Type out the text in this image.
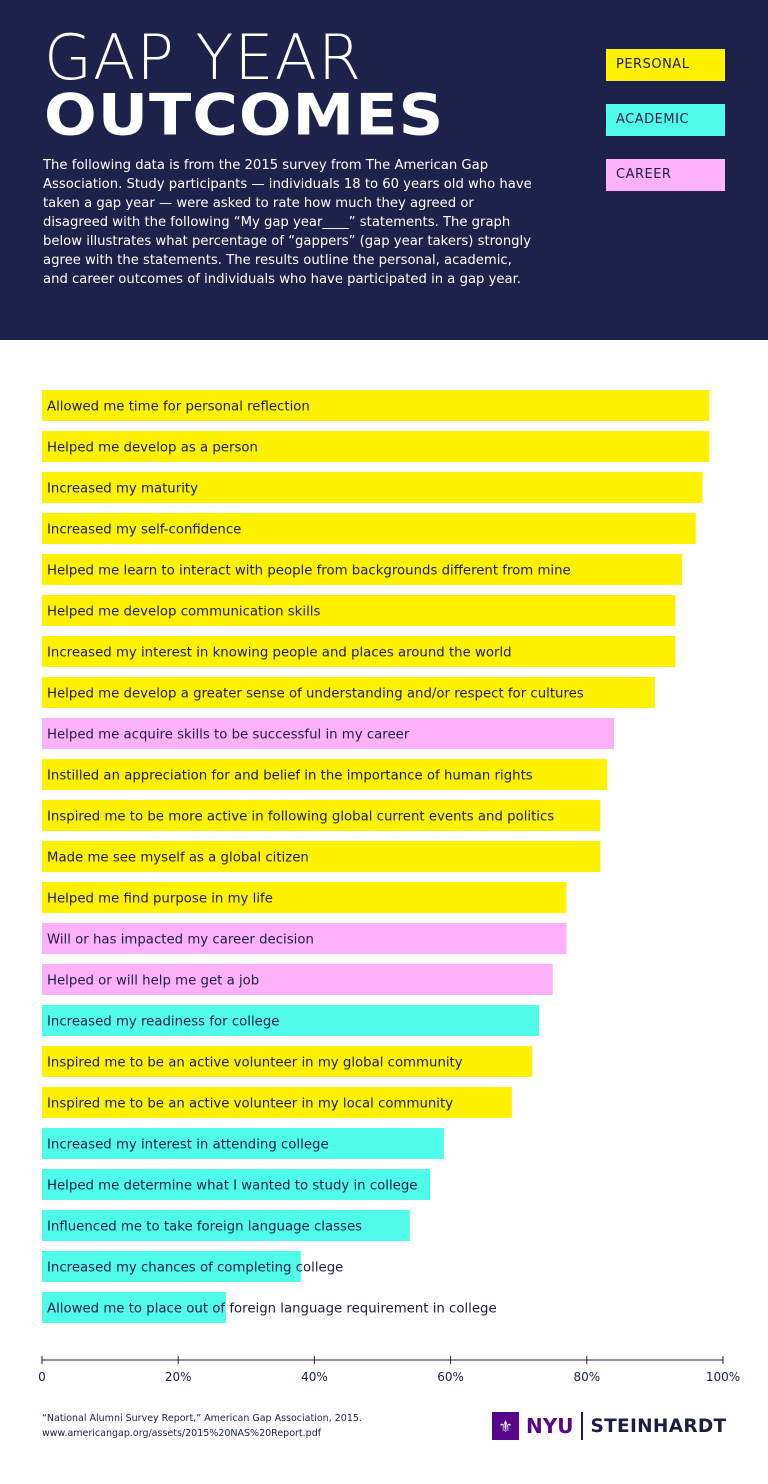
GAP YEAR
OUTCOMES
The following data is from the 2015 survey from The American Gap Association. Study participants — individuals 18 to 60 years old who have taken a gap year — were asked to rate how much they agreed or disagreed with the following “My gap year____” statements. The graph below illustrates what percentage of “gappers” (gap year takers) strongly agree with the statements. The results outline the personal, academic, and career outcomes of individuals who have participated in a gap year.
PERSONAL
ACADEMIC
CAREER
Allowed me time for personal reflection
Helped me develop as a person
Increased my maturity
Increased my self-confidence
Helped me learn to interact with people from backgrounds different from mine
Helped me develop communication skills
Increased my interest in knowing people and places around the world
Helped me develop a greater sense of understanding and/or respect for cultures
Helped me acquire skills to be successful in my career
Instilled an appreciation for and belief in the importance of human rights
Inspired me to be more active in following global current events and politics
Made me see myself as a global citizen
Helped me find purpose in my life
Will or has impacted my career decision
Helped or will help me get a job
Increased my readiness for college
Inspired me to be an active volunteer in my global community
Inspired me to be an active volunteer in my local community
Increased my interest in attending college
Helped me determine what I wanted to study in college
Influenced me to take foreign language classes
Increased my chances of completing college
Allowed me to place out of foreign language requirement in college
0	20%	40%	60%	80%	100%
“National Alumni Survey Report,” American Gap Association, 2015.
www.americangap.org/assets/2015%20NAS%20Report.pdf	⚜ NYU STEINHARDT
